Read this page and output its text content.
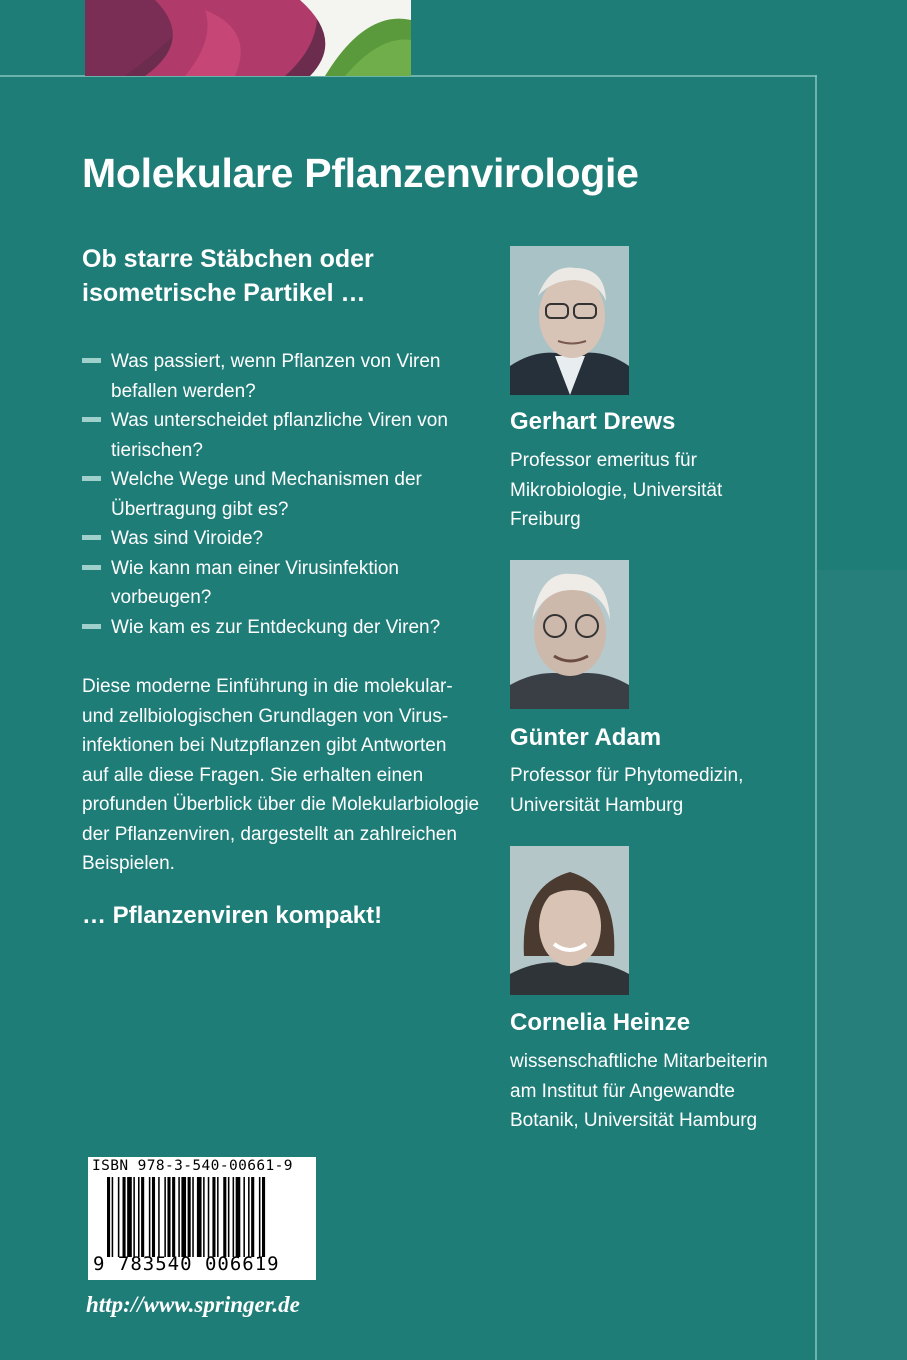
Molekulare Pflanzenvirologie
Ob starre Stäbchen oder
isometrische Partikel …
Was passiert, wenn Pflanzen von Viren
befallen werden?
Was unterscheidet pflanzliche Viren von
tierischen?
Welche Wege und Mechanismen der
Übertragung gibt es?
Was sind Viroide?
Wie kann man einer Virusinfektion
vorbeugen?
Wie kam es zur Entdeckung der Viren?

Diese moderne Einführung in die molekular-
und zellbiologischen Grundlagen von Virus-
infektionen bei Nutzpflanzen gibt Antworten
auf alle diese Fragen. Sie erhalten einen
profunden Überblick über die Molekularbiologie
der Pflanzenviren, dargestellt an zahlreichen
Beispielen.

… Pflanzenviren kompakt!

Gerhart Drews

Professor emeritus für
Mikrobiologie, Universität
Freiburg

Günter Adam

Professor für Phytomedizin,
Universität Hamburg

Cornelia Heinze

wissenschaftliche Mitarbeiterin
am Institut für Angewandte
Botanik, Universität Hamburg

ISBN 978-3-540-00661-9
9 783540 006619

http://www.springer.de
